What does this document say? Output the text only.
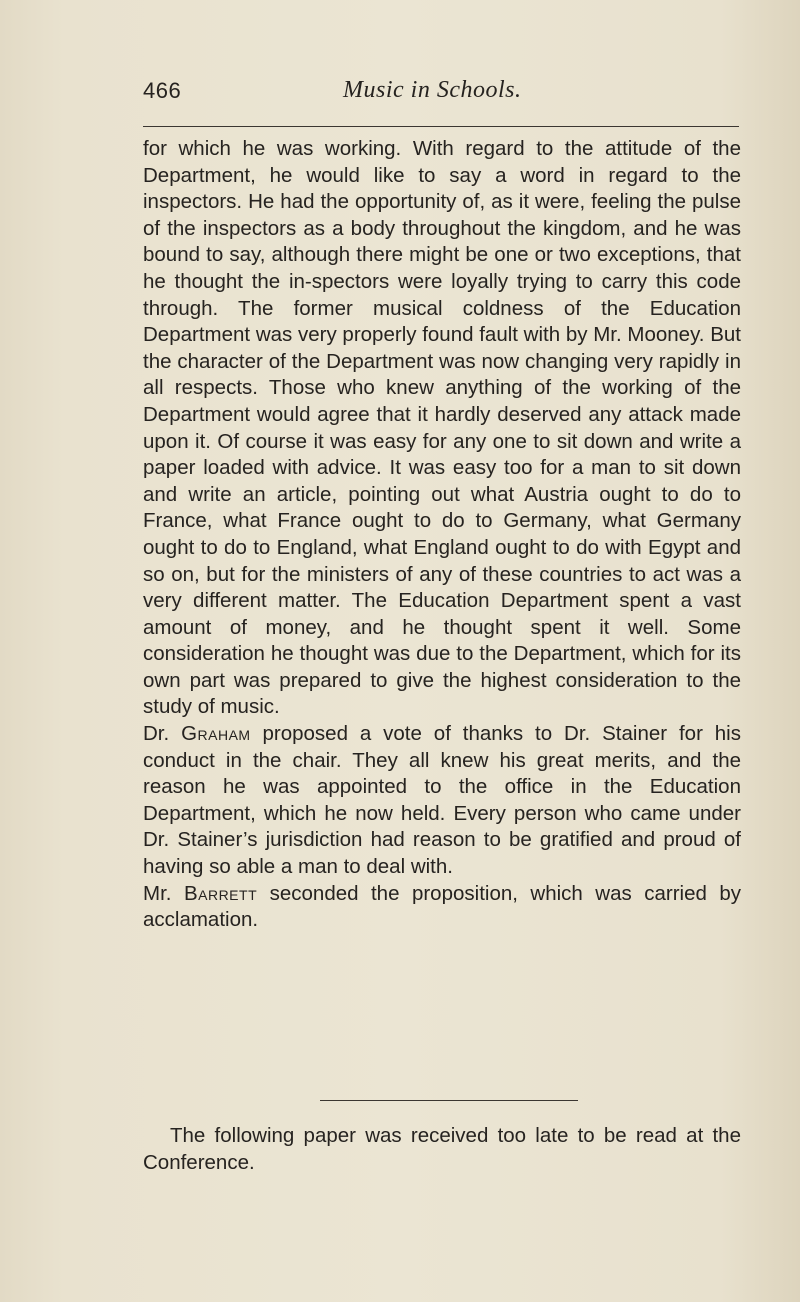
466	Music in Schools.

for which he was working. With regard to the attitude of the Department, he would like to say a word in regard to the inspectors. He had the opportunity of, as it were, feeling the pulse of the inspectors as a body throughout the kingdom, and he was bound to say, although there might be one or two exceptions, that he thought the in-spectors were loyally trying to carry this code through. The former musical coldness of the Education Department was very properly found fault with by Mr. Mooney. But the character of the Department was now changing very rapidly in all respects. Those who knew anything of the working of the Department would agree that it hardly deserved any attack made upon it. Of course it was easy for any one to sit down and write a paper loaded with advice. It was easy too for a man to sit down and write an article, pointing out what Austria ought to do to France, what France ought to do to Germany, what Germany ought to do to England, what England ought to do with Egypt and so on, but for the ministers of any of these countries to act was a very different matter. The Education Department spent a vast amount of money, and he thought spent it well. Some consideration he thought was due to the Department, which for its own part was prepared to give the highest consideration to the study of music.

Dr. Graham proposed a vote of thanks to Dr. Stainer for his conduct in the chair. They all knew his great merits, and the reason he was appointed to the office in the Education Department, which he now held. Every person who came under Dr. Stainer’s jurisdiction had reason to be gratified and proud of having so able a man to deal with.

Mr. Barrett seconded the proposition, which was carried by acclamation.

The following paper was received too late to be read at the Conference.
